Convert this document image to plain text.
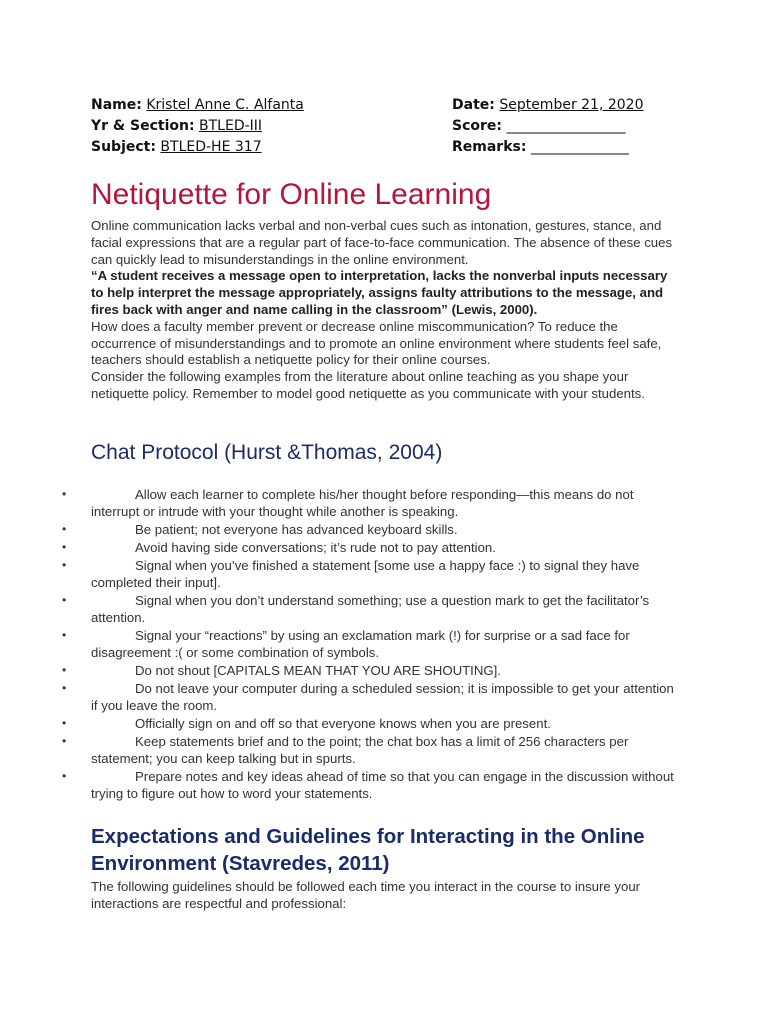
Name: Kristel Anne C. Alfanta
Yr & Section: BTLED-III
Subject: BTLED-HE 317
Date: September 21, 2020
Score: _________________
Remarks: ______________
Netiquette for Online Learning

Online communication lacks verbal and non-verbal cues such as intonation, gestures, stance, and facial expressions that are a regular part of face-to-face communication. The absence of these cues can quickly lead to misunderstandings in the online environment.

“A student receives a message open to interpretation, lacks the nonverbal inputs necessary to help interpret the message appropriately, assigns faulty attributions to the message, and fires back with anger and name calling in the classroom” (Lewis, 2000).

How does a faculty member prevent or decrease online miscommunication? To reduce the occurrence of misunderstandings and to promote an online environment where students feel safe, teachers should establish a netiquette policy for their online courses.

Consider the following examples from the literature about online teaching as you shape your netiquette policy. Remember to model good netiquette as you communicate with your students.

Chat Protocol (Hurst &Thomas, 2004)
•	Allow each learner to complete his/her thought before responding—this means do not interrupt or intrude with your thought while another is speaking.
•	Be patient; not everyone has advanced keyboard skills.
•	Avoid having side conversations; it’s rude not to pay attention.
•	Signal when you’ve finished a statement [some use a happy face :) to signal they have completed their input].
•	Signal when you don’t understand something; use a question mark to get the facilitator’s attention.
•	Signal your “reactions” by using an exclamation mark (!) for surprise or a sad face for disagreement :( or some combination of symbols.
•	Do not shout [CAPITALS MEAN THAT YOU ARE SHOUTING].
•	Do not leave your computer during a scheduled session; it is impossible to get your attention if you leave the room.
•	Officially sign on and off so that everyone knows when you are present.
•	Keep statements brief and to the point; the chat box has a limit of 256 characters per statement; you can keep talking but in spurts.
•	Prepare notes and key ideas ahead of time so that you can engage in the discussion without trying to figure out how to word your statements.
Expectations and Guidelines for Interacting in the Online Environment (Stavredes, 2011)
The following guidelines should be followed each time you interact in the course to insure your interactions are respectful and professional:
